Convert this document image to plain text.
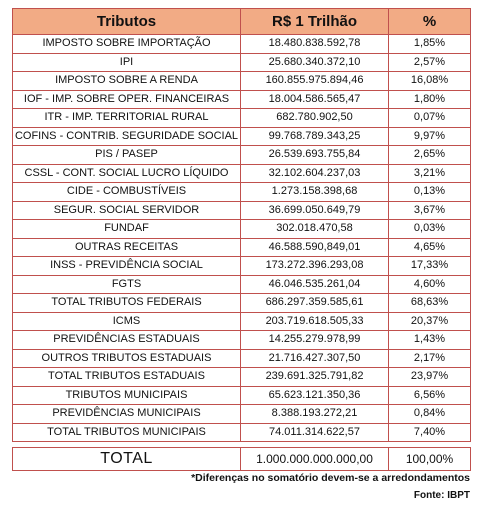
Tributos	R$ 1 Trilhão	%
IMPOSTO SOBRE IMPORTAÇÃO	18.480.838.592,78	1,85%
IPI	25.680.340.372,10	2,57%
IMPOSTO SOBRE A RENDA	160.855.975.894,46	16,08%
IOF - IMP. SOBRE OPER. FINANCEIRAS	18.004.586.565,47	1,80%
ITR - IMP. TERRITORIAL RURAL	682.780.902,50	0,07%
COFINS - CONTRIB. SEGURIDADE SOCIAL	99.768.789.343,25	9,97%
PIS / PASEP	26.539.693.755,84	2,65%
CSSL - CONT. SOCIAL LUCRO LÍQUIDO	32.102.604.237,03	3,21%
CIDE - COMBUSTÍVEIS	1.273.158.398,68	0,13%
SEGUR. SOCIAL SERVIDOR	36.699.050.649,79	3,67%
FUNDAF	302.018.470,58	0,03%
OUTRAS RECEITAS	46.588.590,849,01	4,65%
INSS - PREVIDÊNCIA SOCIAL	173.272.396.293,08	17,33%
FGTS	46.046.535.261,04	4,60%
TOTAL TRIBUTOS FEDERAIS	686.297.359.585,61	68,63%
ICMS	203.719.618.505,33	20,37%
PREVIDÊNCIAS ESTADUAIS	14.255.279.978,99	1,43%
OUTROS TRIBUTOS ESTADUAIS	21.716.427.307,50	2,17%
TOTAL TRIBUTOS ESTADUAIS	239.691.325.791,82	23,97%
TRIBUTOS MUNICIPAIS	65.623.121.350,36	6,56%
PREVIDÊNCIAS MUNICIPAIS	8.388.193.272,21	0,84%
TOTAL TRIBUTOS MUNICIPAIS	74.011.314.622,57	7,40%
TOTAL	1.000.000.000.000,00	100,00%
*Diferenças no somatório devem-se a arredondamentos
Fonte: IBPT
